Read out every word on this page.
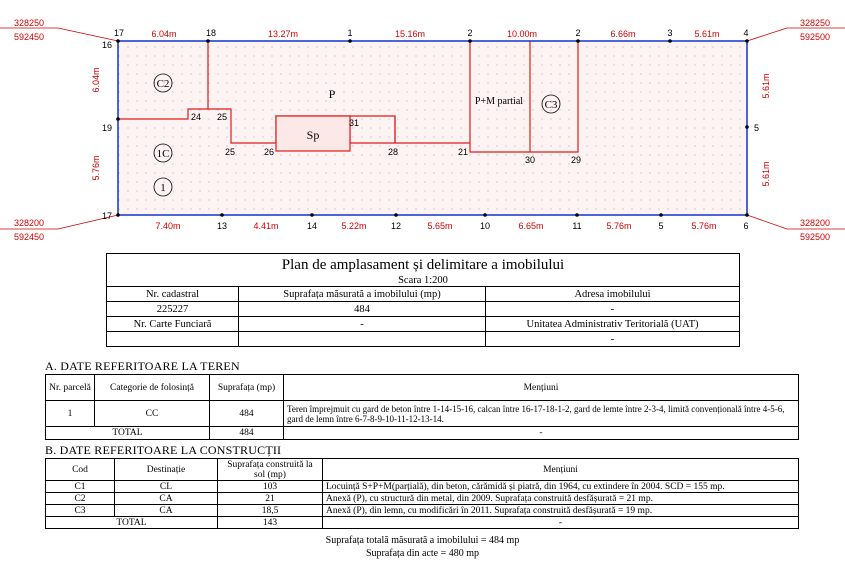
328250
592450
328250
592500
328200
592450
328200
592500
17	18	1	2	2	3	4
6.04m	13.27m	15.16m	10.00m	6.66m	5.61m
13	14	12	10	11	5	6
7.40m	4.41m	5.22m	5.65m	6.65m	5.76m	5.76m
16
19
17
6.04m
5.76m
5
5.61m
5.61m
24 25
25	26
31
28	21
30	29
C2
P
P+M partial C3
Sp
1C
1
Plan de amplasament și delimitare a imobilului		
Scara 1:200		
Nr. cadastral	Suprafața măsurată a imobilului (mp)	Adresa imobilului
225227	484	-
Nr. Carte Funciară	-	Unitatea Administrativ Teritorială (UAT)
		-
A. DATE REFERITOARE LA TEREN
Nr. parcelă	Categorie de folosință	Suprafața (mp)	Mențiuni
1	CC	484	Teren împrejmuit cu gard de beton între 1-14-15-16, calcan între 16-17-18-1-2, gard de lemte între 2-3-4, limită convențională între 4-5-6, gard de lemn între 6-7-8-9-10-11-12-13-14.
TOTAL		484	-
B. DATE REFERITOARE LA CONSTRUCȚII
Cod	Destinație	Suprafața construită la sol (mp)	Mențiuni
C1	CL	103	Locuință S+P+M(parțială), din beton, cărămidă și piatră, din 1964, cu extindere în 2004. SCD = 155 mp.
C2	CA	21	Anexă (P), cu structură din metal, din 2009. Suprafața construită desfășurată = 21 mp.
C3	CA	18,5	Anexă (P), din lemn, cu modificări în 2011. Suprafața construită desfășurată = 19 mp.
TOTAL		143	-
Suprafața totală măsurată a imobilului = 484 mp
Suprafața din acte = 480 mp
